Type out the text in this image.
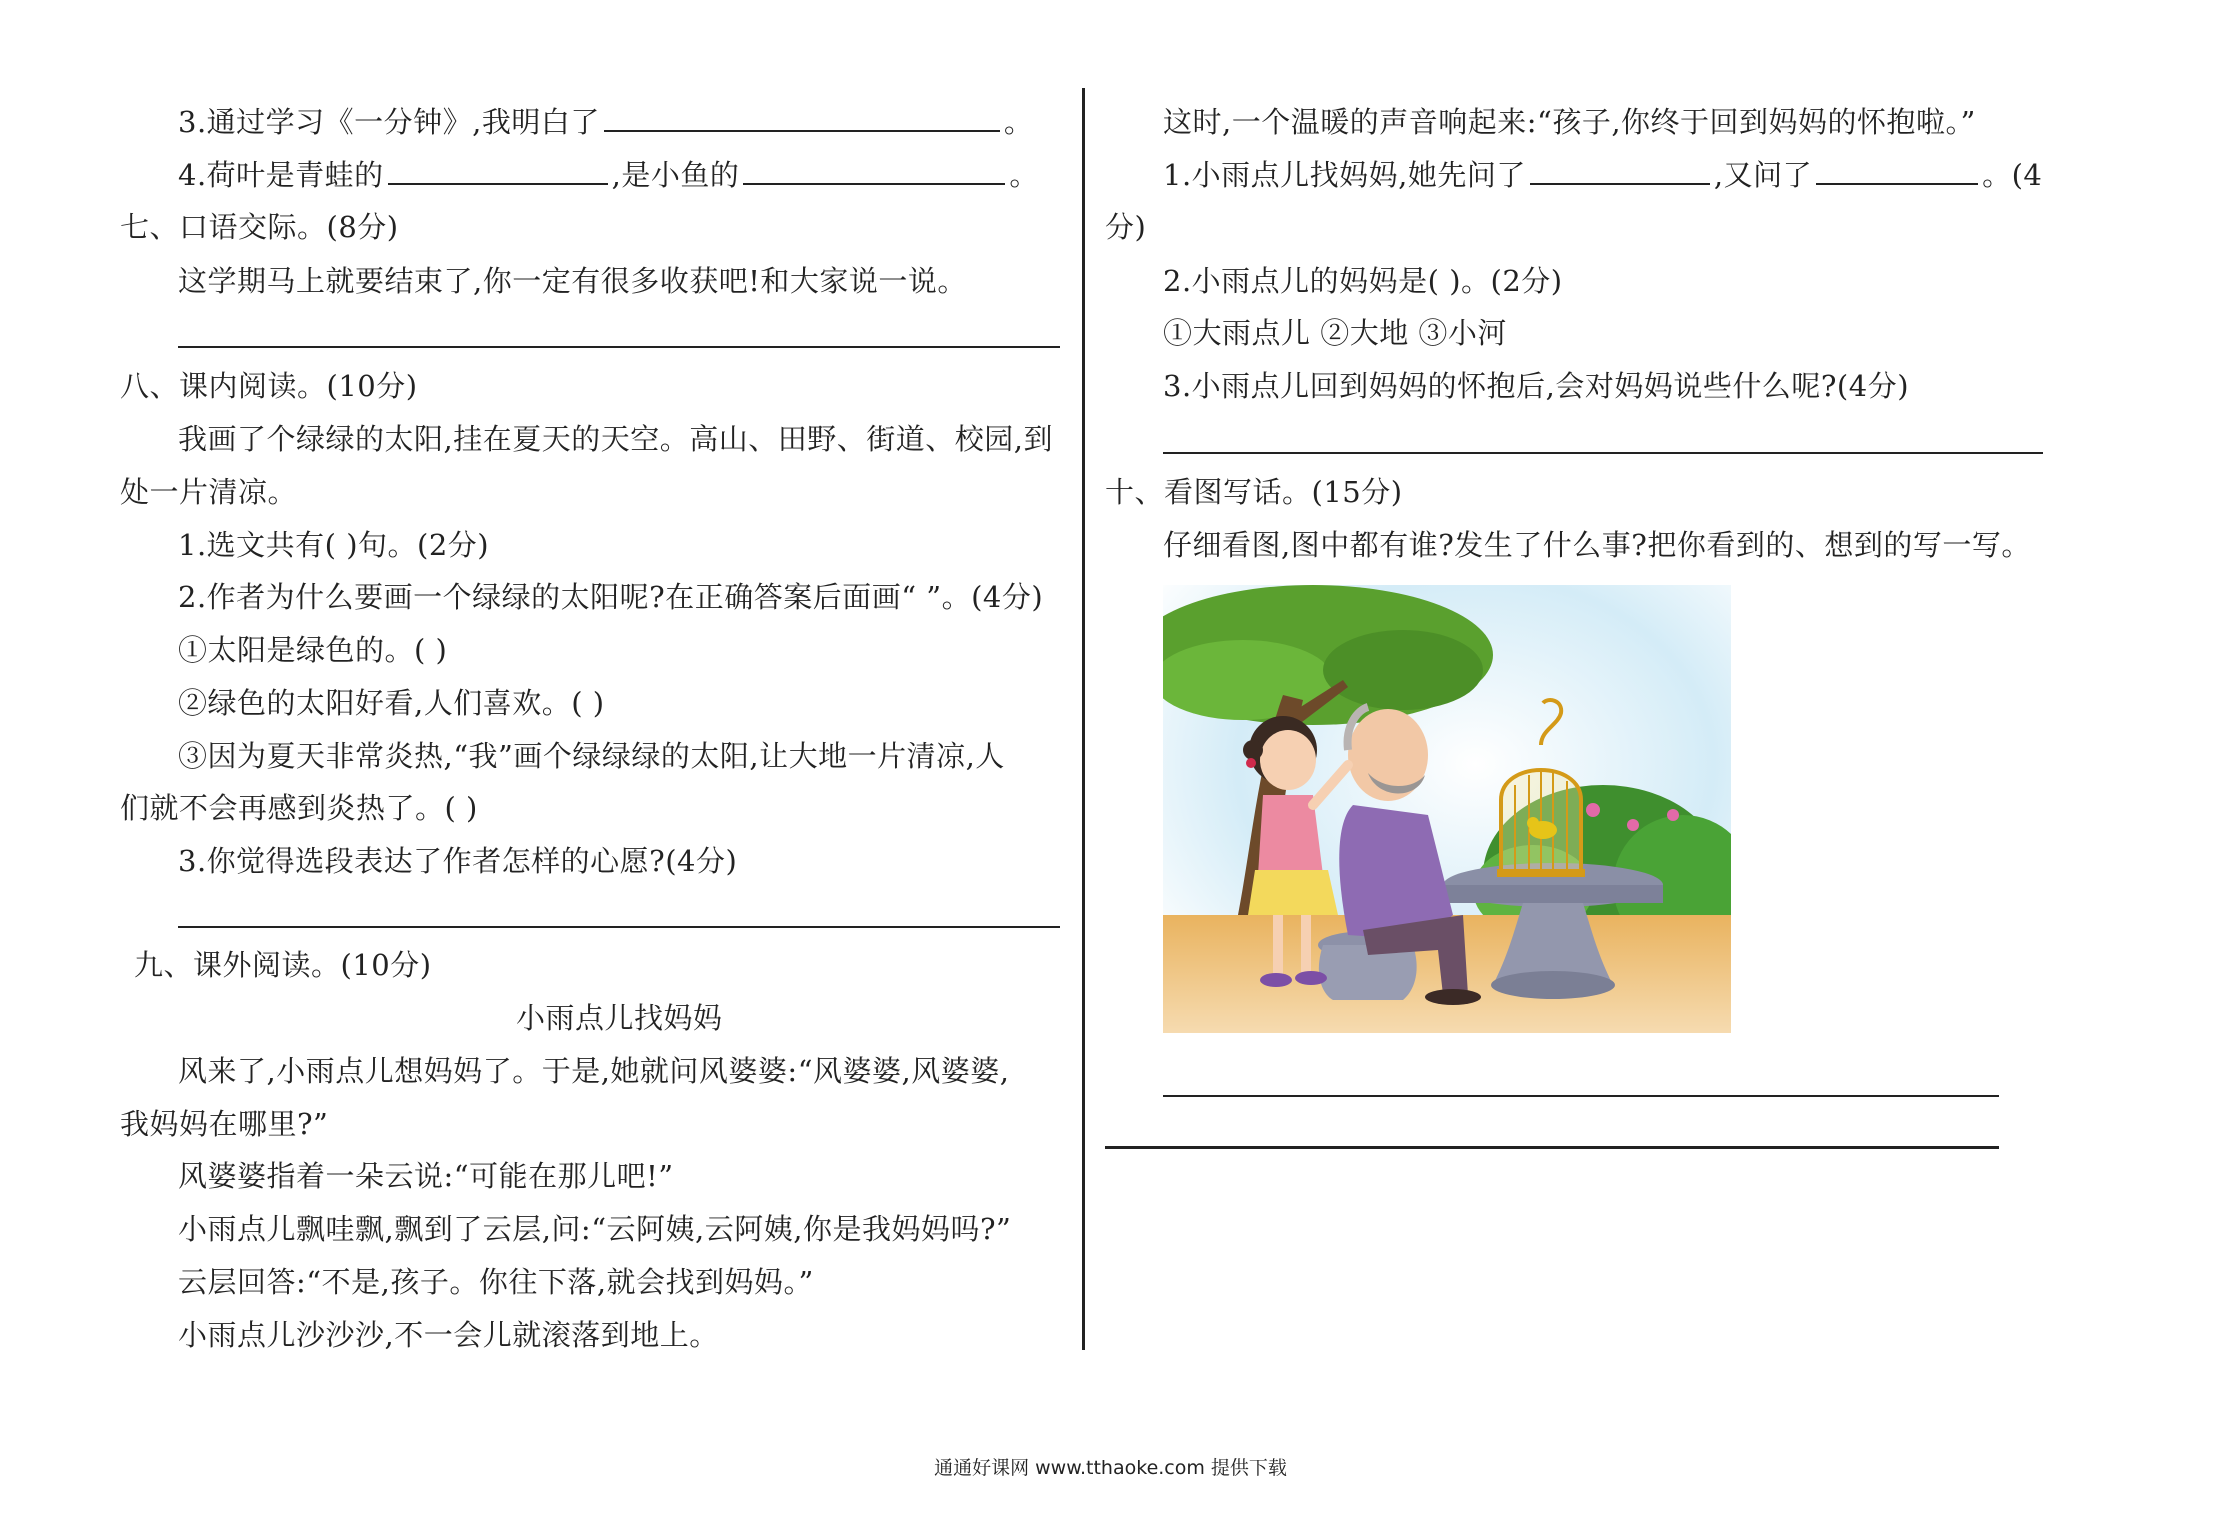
3.通过学习《一分钟》,我明白了	。
4.荷叶是青蛙的	,是小鱼的	。
七、口语交际。(8分)
这学期马上就要结束了,你一定有很多收获吧!和大家说一说。
八、课内阅读。(10分)
我画了个绿绿的太阳,挂在夏天的天空。高山、田野、街道、校园,到
处一片清凉。
1.选文共有( )句。(2分)
2.作者为什么要画一个绿绿的太阳呢?在正确答案后面画“ ”。(4分)
①太阳是绿色的。( )
②绿色的太阳好看,人们喜欢。( )
③因为夏天非常炎热,“我”画个绿绿绿的太阳,让大地一片清凉,人
们就不会再感到炎热了。( )
3.你觉得选段表达了作者怎样的心愿?(4分)
九、课外阅读。(10分)
小雨点儿找妈妈
风来了,小雨点儿想妈妈了。于是,她就问风婆婆:“风婆婆,风婆婆,
我妈妈在哪里?”
风婆婆指着一朵云说:“可能在那儿吧!”
小雨点儿飘哇飘,飘到了云层,问:“云阿姨,云阿姨,你是我妈妈吗?”
云层回答:“不是,孩子。你往下落,就会找到妈妈。”
小雨点儿沙沙沙,不一会儿就滚落到地上。
这时,一个温暖的声音响起来:“孩子,你终于回到妈妈的怀抱啦。”
1.小雨点儿找妈妈,她先问了	,又问了	。(4
分)
2.小雨点儿的妈妈是( )。(2分)
①大雨点儿 ②大地 ③小河
3.小雨点儿回到妈妈的怀抱后,会对妈妈说些什么呢?(4分)
十、看图写话。(15分)
仔细看图,图中都有谁?发生了什么事?把你看到的、想到的写一写。
通通好课网 www.tthaoke.com 提供下载
